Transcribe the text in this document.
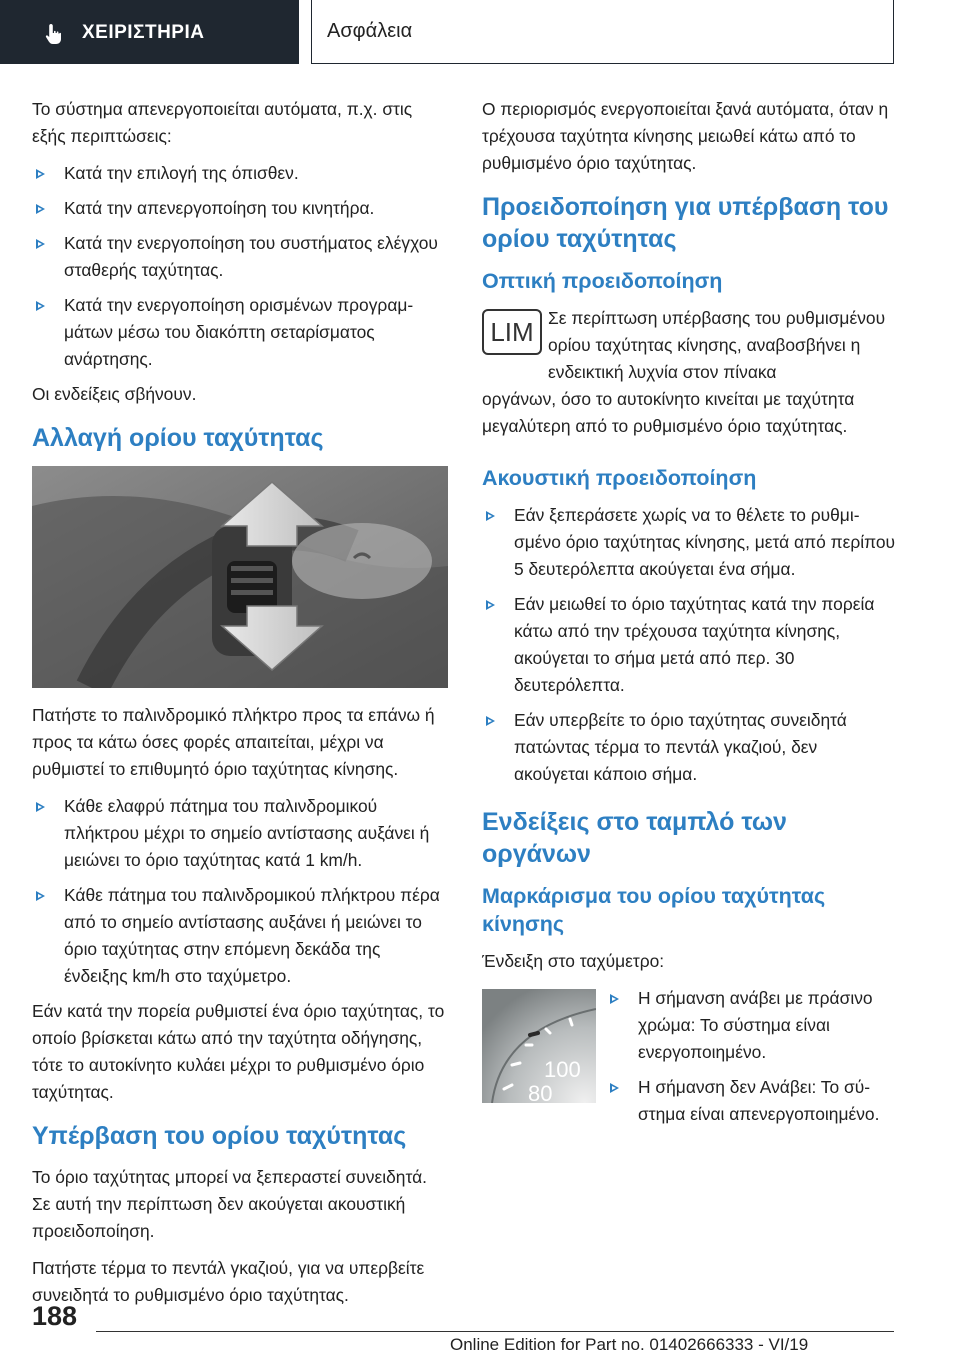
ΧΕΙΡΙΣΤΗΡΙΑ	Ασφάλεια

Το σύστημα απενεργοποιείται αυτόματα, π.χ. στις εξής περιπτώσεις:

Κατά την επιλογή της όπισθεν.
Κατά την απενεργοποίηση του κινητήρα.
Κατά την ενεργοποίηση του συστήματος ελέγχου σταθερής ταχύτητας.
Κατά την ενεργοποίηση ορισμένων προγραμμάτων μέσω του διακόπτη σεταρίσματος ανάρτησης.

Οι ενδείξεις σβήνουν.

Αλλαγή ορίου ταχύτητας

Πατήστε το παλινδρομικό πλήκτρο προς τα επάνω ή προς τα κάτω όσες φορές απαιτείται, μέχρι να ρυθμιστεί το επιθυμητό όριο ταχύτητας κίνησης.

Κάθε ελαφρύ πάτημα του παλινδρομικού πλήκτρου μέχρι το σημείο αντίστασης αυξάνει ή μειώνει το όριο ταχύτητας κατά 1 km/h.
Κάθε πάτημα του παλινδρομικού πλήκτρου πέρα από το σημείο αντίστασης αυξάνει ή μειώνει το όριο ταχύτητας στην επόμενη δεκάδα της ένδειξης km/h στο ταχύμετρο.

Εάν κατά την πορεία ρυθμιστεί ένα όριο ταχύτητας, το οποίο βρίσκεται κάτω από την ταχύτητα οδήγησης, τότε το αυτοκίνητο κυλάει μέχρι το ρυθμισμένο όριο ταχύτητας.

Υπέρβαση του ορίου ταχύτητας

Το όριο ταχύτητας μπορεί να ξεπεραστεί συνειδητά. Σε αυτή την περίπτωση δεν ακούγεται ακουστική προειδοποίηση.

Πατήστε τέρμα το πεντάλ γκαζιού, για να υπερβείτε συνειδητά το ρυθμισμένο όριο ταχύτητας.

Ο περιορισμός ενεργοποιείται ξανά αυτόματα, όταν η τρέχουσα ταχύτητα κίνησης μειωθεί κάτω από το ρυθμισμένο όριο ταχύτητας.

Προειδοποίηση για υπέρβαση του ορίου ταχύτητας
Οπτική προειδοποίηση
LIM Σε περίπτωση υπέρβασης του ρυθμισμένου ορίου ταχύτητας κίνησης, αναβοσβήνει η ενδεικτική λυχνία στον πίνακα

οργάνων, όσο το αυτοκίνητο κινείται με ταχύτητα μεγαλύτερη από το ρυθμισμένο όριο ταχύτητας.

Ακουστική προειδοποίηση
Εάν ξεπεράσετε χωρίς να το θέλετε το ρυθμισμένο όριο ταχύτητας κίνησης, μετά από περίπου 5 δευτερόλεπτα ακούγεται ένα σήμα.
Εάν μειωθεί το όριο ταχύτητας κατά την πορεία κάτω από την τρέχουσα ταχύτητα κίνησης, ακούγεται το σήμα μετά από περ. 30 δευτερόλεπτα.
Εάν υπερβείτε το όριο ταχύτητας συνειδητά πατώντας τέρμα το πεντάλ γκαζιού, δεν ακούγεται κάποιο σήμα.
Ενδείξεις στο ταμπλό των οργάνων
Μαρκάρισμα του ορίου ταχύτητας κίνησης

Ένδειξη στο ταχύμετρο:

100
80
Η σήμανση ανάβει με πράσινο χρώμα: Το σύστημα είναι ενεργοποιημένο.
Η σήμανση δεν Ανάβει: Το σύστημα είναι απενεργοποιημένο.
188
Online Edition for Part no. 01402666333 - VI/19
